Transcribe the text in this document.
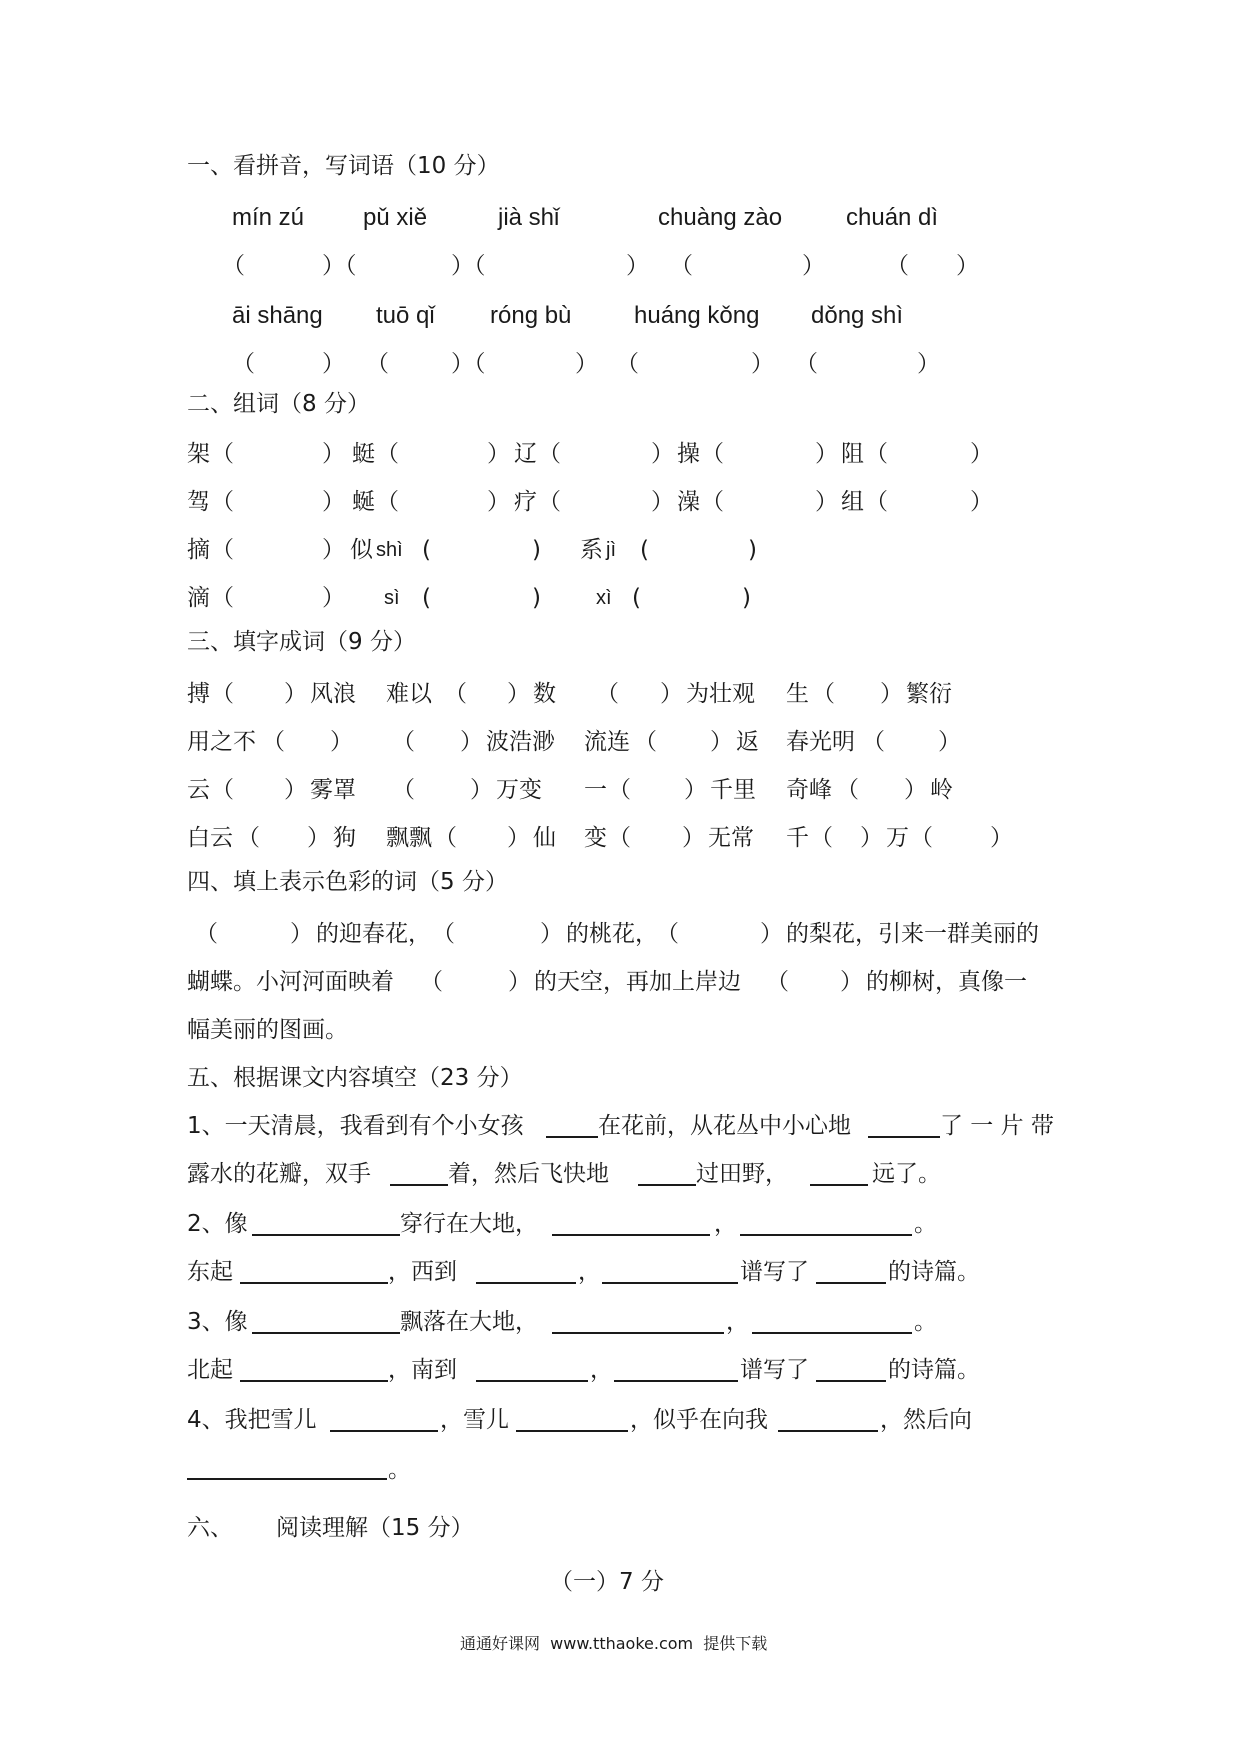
一、看拼音，写词语（10 分）
mín zú pǔ xiě	jià shǐ	chuàng zào	chuán dì
（	）（	）（	） （	）	（ ）
āi shāng tuō qǐ róng bù	huáng kǒng dǒng shì
（	） （	）（	） （	） （	）
二、组词（8 分）
架 （	） 蜓 （	） 辽 （	） 操 （	） 阻 （	）
驾 （	） 蜒 （	） 疗 （	） 澡 （	） 组 （	）
摘 （	） 似 shì (	) 系 jì (	)
滴 （	） sì (	)	xì (	)
三、填字成词（9 分）
搏 （ ） 风浪 难以 （ ） 数 （ ） 为壮观 生 （ ） 繁衍
用之不 （ ） （ ） 波浩渺 流连 （ ） 返 春光明 （ ）
云 （ ） 雾罩 （ ） 万变 一 （ ） 千里 奇峰 （ ） 岭
白云 （ ） 狗 飘飘 （ ） 仙 变 （ ） 无常 千 （ ） 万 （ ）
四、填上表示色彩的词（5 分）
（	） 的迎春花， （	） 的桃花，
（	） 的梨花，引来一群美丽的
蝴蝶。小河河面映着 （	） 的天空，再加上岸边 （ ） 的柳树，真像一
幅美丽的图画。
五、根据课文内容填空（23 分）
1、一天清晨，我看到有个小女孩	在花前，从花丛中小心地	了 一 片 带
露水的花瓣，双手	着，然后飞快地	过田野，	远了。
2、像	穿行在大地，	，	。
东起	，西到	，	谱写了	的诗篇。
3、像	飘落在大地，	，	。
北起	，南到	，	谱写了	的诗篇。
4、我把雪儿	，雪儿	，似乎在向我	，然后向
。
六、 阅读理解（15 分）
（一）7 分
通通好课网  www.tthaoke.com  提供下载
